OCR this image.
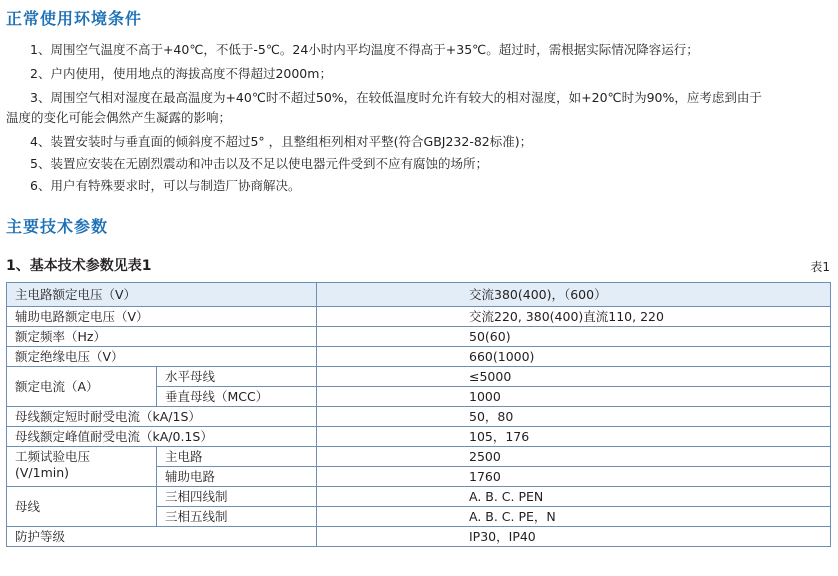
正常使用环境条件
1、周围空气温度不高于+40℃，不低于-5℃。24小时内平均温度不得高于+35℃。超过时，需根据实际情况降容运行；
2、户内使用，使用地点的海拔高度不得超过2000m；
3、周围空气相对湿度在最高温度为+40℃时不超过50%，在较低温度时允许有较大的相对湿度，如+20℃时为90%，应考虑到由于
温度的变化可能会偶然产生凝露的影响；
4、装置安装时与垂直面的倾斜度不超过5° ，且整组柜列相对平整(符合GBJ232-82标准)；
5、装置应安装在无剧烈震动和冲击以及不足以使电器元件受到不应有腐蚀的场所；
6、用户有特殊要求时，可以与制造厂协商解决。
主要技术参数
1、基本技术参数见表1	表1
主电路额定电压（V）		交流380(400)，（600）
辅助电路额定电压（V）		交流220, 380(400)直流110, 220
额定频率（Hz）		50(60)
额定绝缘电压（V）		660(1000)
额定电流（A）	水平母线	≤5000
	垂直母线（MCC）	1000
母线额定短时耐受电流（kA/1S）		50，80
母线额定峰值耐受电流（kA/0.1S）		105，176

工频试验电压
(V/1min)	主电路	2500
	辅助电路	1760
母线	三相四线制	A. B. C. PEN
	三相五线制	A. B. C. PE，N
防护等级		IP30，IP40
